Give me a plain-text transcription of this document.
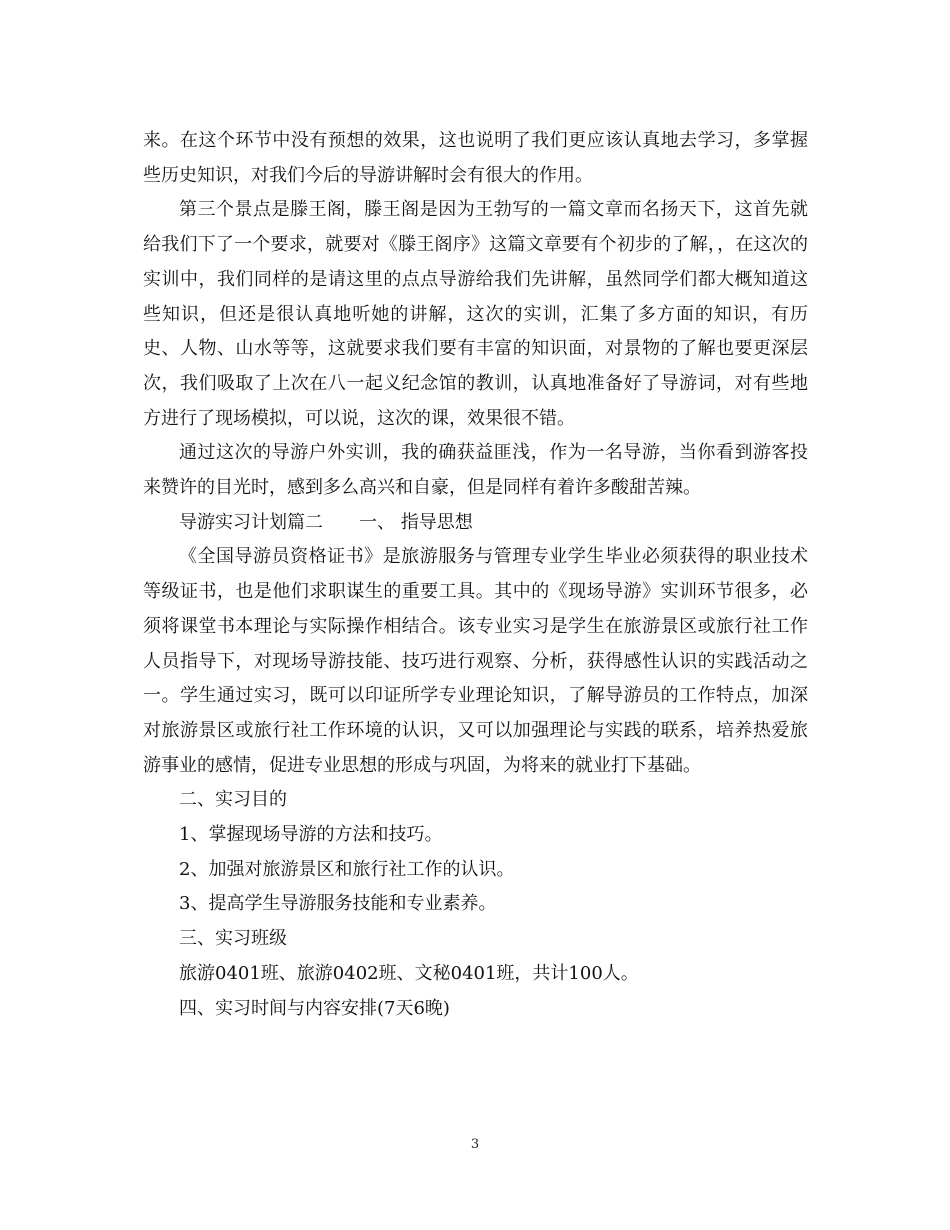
来。在这个环节中没有预想的效果，这也说明了我们更应该认真地去学习，多掌握些历史知识，对我们今后的导游讲解时会有很大的作用。

第三个景点是滕王阁，滕王阁是因为王勃写的一篇文章而名扬天下，这首先就给我们下了一个要求，就要对《滕王阁序》这篇文章要有个初步的了解，，在这次的实训中，我们同样的是请这里的点点导游给我们先讲解，虽然同学们都大概知道这些知识，但还是很认真地听她的讲解，这次的实训，汇集了多方面的知识，有历史、人物、山水等等，这就要求我们要有丰富的知识面，对景物的了解也要更深层次，我们吸取了上次在八一起义纪念馆的教训，认真地准备好了导游词，对有些地方进行了现场模拟，可以说，这次的课，效果很不错。

通过这次的导游户外实训，我的确获益匪浅，作为一名导游，当你看到游客投来赞许的目光时，感到多么高兴和自豪，但是同样有着许多酸甜苦辣。

导游实习计划篇二　　一、 指导思想

《全国导游员资格证书》是旅游服务与管理专业学生毕业必须获得的职业技术等级证书，也是他们求职谋生的重要工具。其中的《现场导游》实训环节很多，必须将课堂书本理论与实际操作相结合。该专业实习是学生在旅游景区或旅行社工作人员指导下，对现场导游技能、技巧进行观察、分析，获得感性认识的实践活动之一。学生通过实习，既可以印证所学专业理论知识，了解导游员的工作特点，加深对旅游景区或旅行社工作环境的认识，又可以加强理论与实践的联系，培养热爱旅游事业的感情，促进专业思想的形成与巩固，为将来的就业打下基础。

二、实习目的

1、掌握现场导游的方法和技巧。

2、加强对旅游景区和旅行社工作的认识。

3、提高学生导游服务技能和专业素养。

三、实习班级

旅游0401班、旅游0402班、文秘0401班，共计100人。

四、实习时间与内容安排(7天6晚)

3
